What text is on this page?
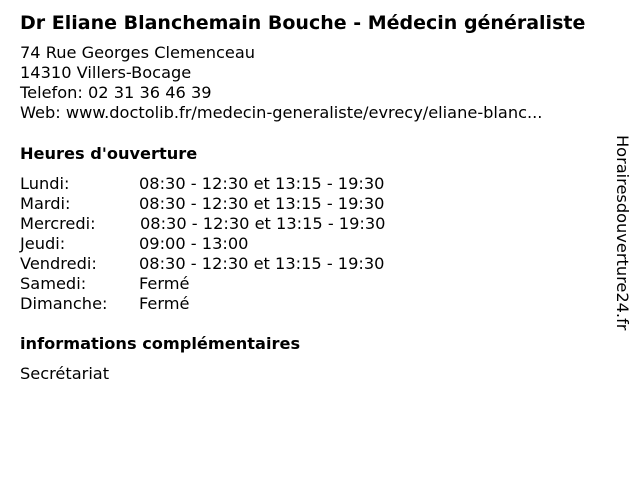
Dr Eliane Blanchemain Bouche - Médecin généraliste
74 Rue Georges Clemenceau
14310 Villers-Bocage
Telefon: 02 31 36 46 39
Web: www.doctolib.fr/medecin-generaliste/evrecy/eliane-blanc...
Heures d'ouverture
Lundi:	08:30 - 12:30 et 13:15 - 19:30
Mardi:	08:30 - 12:30 et 13:15 - 19:30
Mercredi:	08:30 - 12:30 et 13:15 - 19:30
Jeudi:	09:00 - 13:00
Vendredi:	08:30 - 12:30 et 13:15 - 19:30
Samedi:	Fermé
Dimanche: Fermé
informations complémentaires
Secrétariat
Horairesdouverture24.fr
